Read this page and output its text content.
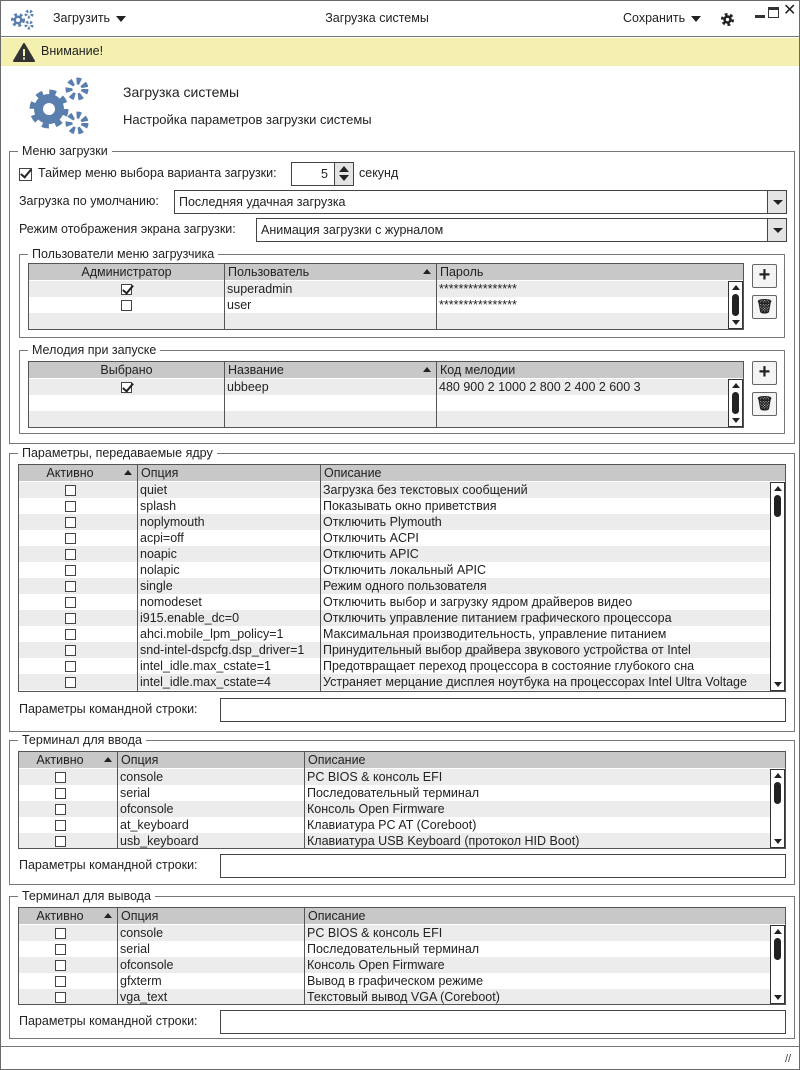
Загрузить	Загрузка системы	Сохранить	✕
Внимание!
Загрузка системы
Настройка параметров загрузки системы
Меню загрузки
Таймер меню выбора варианта загрузки:	5	секунд
Загрузка по умолчанию:	Последняя удачная загрузка
Режим отображения экрана загрузки:	Анимация загрузки с журналом
Пользователи меню загрузчика
Администратор	Пользователь	Пароль
superadmin	****************
user	****************
+
🗑
Мелодия при запуске
Выбрано	Название	Код мелодии
ubbeep	480 900 2 1000 2 800 2 400 2 600 3
+
🗑
Параметры, передаваемые ядру
Активно	Опция	Описание
quiet	Загрузка без текстовых сообщений
splash	Показывать окно приветствия
noplymouth	Отключить Plymouth
acpi=off	Отключить ACPI
noapic	Отключить APIC
nolapic	Отключить локальный APIC
single	Режим одного пользователя
nomodeset	Отключить выбор и загрузку ядром драйверов видео
i915.enable_dc=0	Отключить управление питанием графического процессора
ahci.mobile_lpm_policy=1	Максимальная производительность, управление питанием
snd-intel-dspcfg.dsp_driver=1	Принудительный выбор драйвера звукового устройства от Intel
intel_idle.max_cstate=1	Предотвращает переход процессора в состояние глубокого сна
intel_idle.max_cstate=4	Устраняет мерцание дисплея ноутбука на процессорах Intel Ultra Voltage
Параметры командной строки:
Терминал для ввода
Активно	Опция	Описание
console	PC BIOS & консоль EFI
serial	Последовательный терминал
ofconsole	Консоль Open Firmware
at_keyboard	Клавиатура PC AT (Coreboot)
usb_keyboard	Клавиатура USB Keyboard (протокол HID Boot)
Параметры командной строки:
Терминал для вывода
Активно	Опция	Описание
console	PC BIOS & консоль EFI
serial	Последовательный терминал
ofconsole	Консоль Open Firmware
gfxterm	Вывод в графическом режиме
vga_text	Текстовый вывод VGA (Coreboot)
Параметры командной строки:
//
